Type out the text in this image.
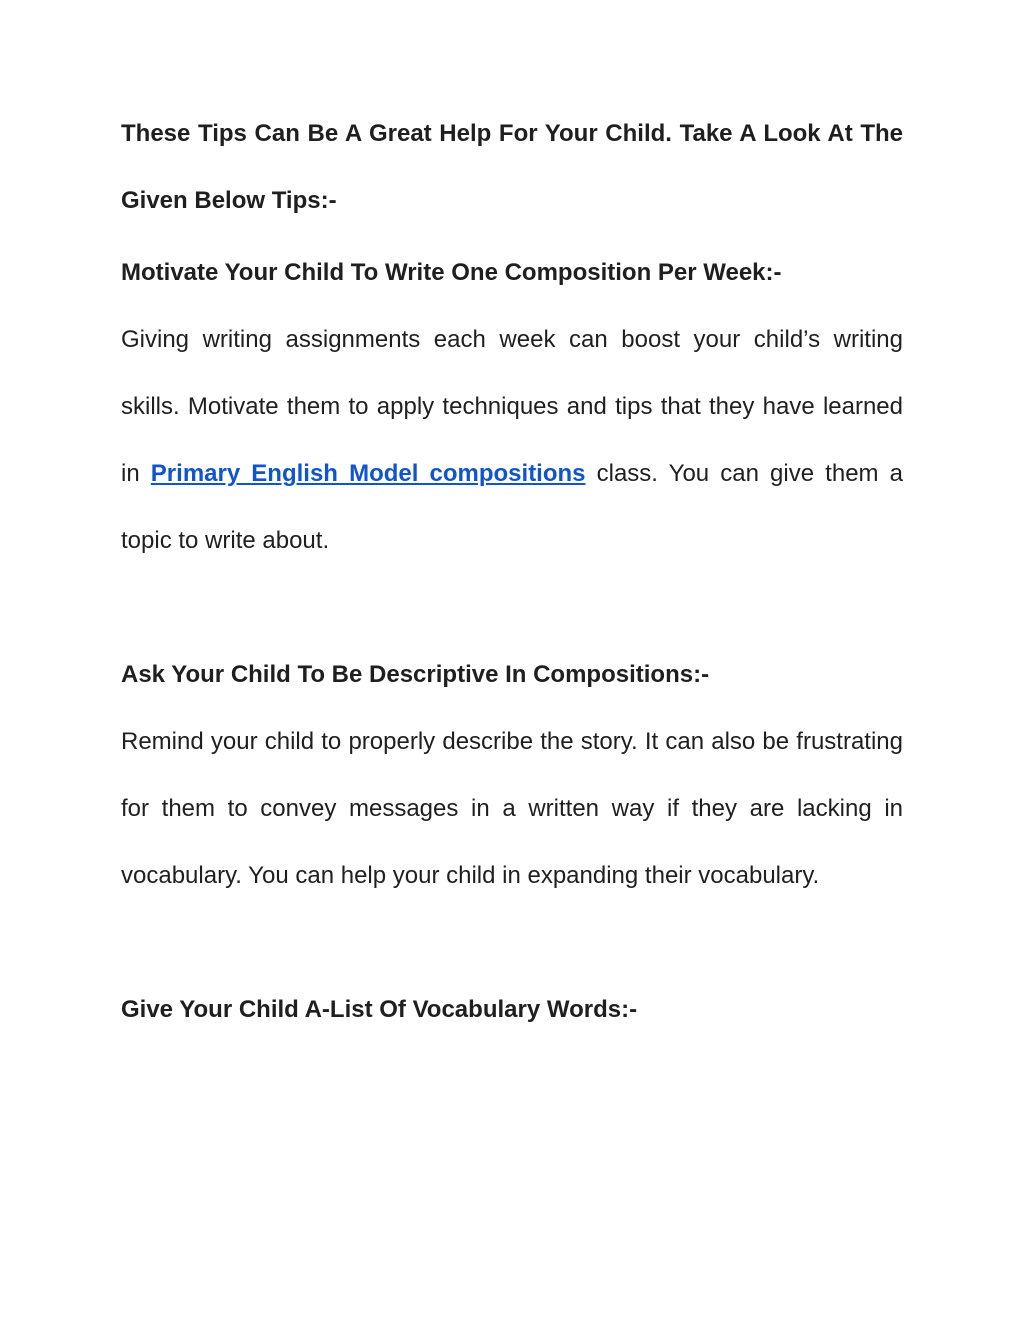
These Tips Can Be A Great Help For Your Child. Take A Look At The Given Below Tips:-
Motivate Your Child To Write One Composition Per Week:-

Giving writing assignments each week can boost your child’s writing skills. Motivate them to apply techniques and tips that they have learned in Primary English Model compositions class. You can give them a topic to write about.

Ask Your Child To Be Descriptive In Compositions:-

Remind your child to properly describe the story. It can also be frustrating for them to convey messages in a written way if they are lacking in vocabulary. You can help your child in expanding their vocabulary.

Give Your Child A-List Of Vocabulary Words:-
